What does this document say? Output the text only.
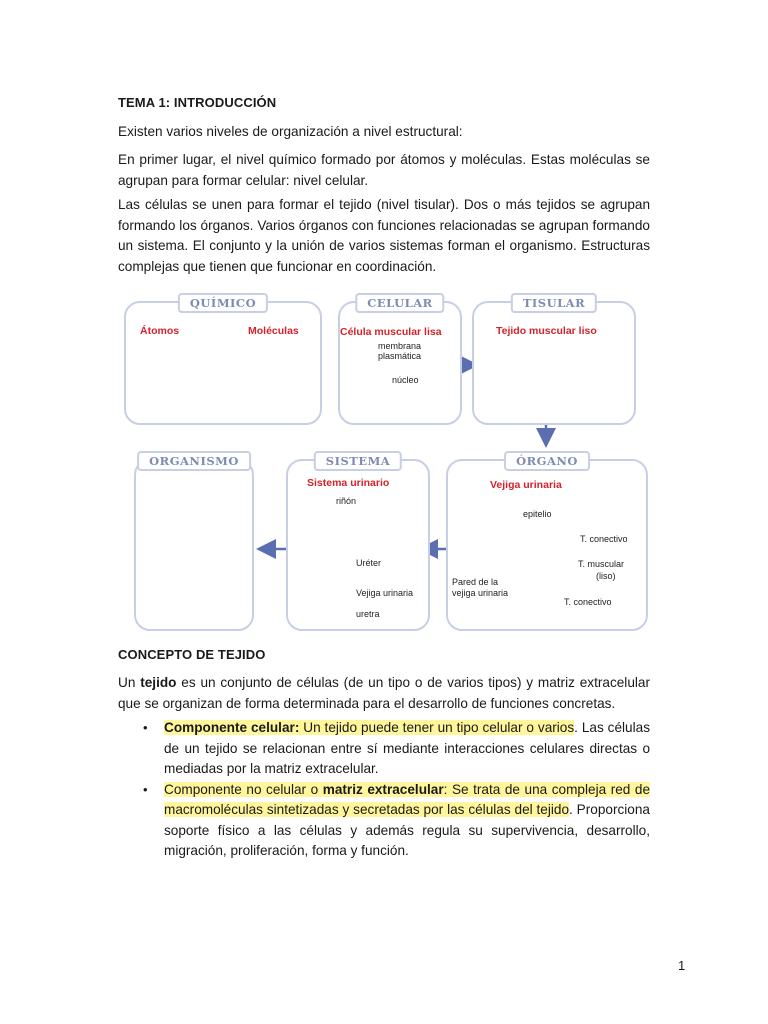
TEMA 1: INTRODUCCIÓN
Existen varios niveles de organización a nivel estructural:
En primer lugar, el nivel químico formado por átomos y moléculas. Estas moléculas se agrupan para formar celular: nivel celular.
Las células se unen para formar el tejido (nivel tisular). Dos o más tejidos se agrupan formando los órganos. Varios órganos con funciones relacionadas se agrupan formando un sistema. El conjunto y la unión de varios sistemas forman el organismo. Estructuras complejas que tienen que funcionar en coordinación.
QUÍMICO	CELULAR	TISULAR
ÓRGANO
SISTEMA
ORGANISMO
Átomos	Moléculas	Célula muscular lisa	Tejido muscular liso
Vejiga urinaria
Sistema urinario
membrana
plasmática
núcleo
epitelio
T. conectivo
T. muscular
(liso)
T. conectivo
Pared de la
vejiga urinaria
riñón
Uréter
Vejiga urinaria
uretra
CONCEPTO DE TEJIDO
Un tejido es un conjunto de células (de un tipo o de varios tipos) y matriz extracelular que se organizan de forma determinada para el desarrollo de funciones concretas.
• Componente celular: Un tejido puede tener un tipo celular o varios. Las células de un tejido se relacionan entre sí mediante interacciones celulares directas o mediadas por la matriz extracelular.
• Componente no celular o matriz extracelular: Se trata de una compleja red de macromoléculas sintetizadas y secretadas por las células del tejido. Proporciona soporte físico a las células y además regula su supervivencia, desarrollo, migración, proliferación, forma y función.
1
